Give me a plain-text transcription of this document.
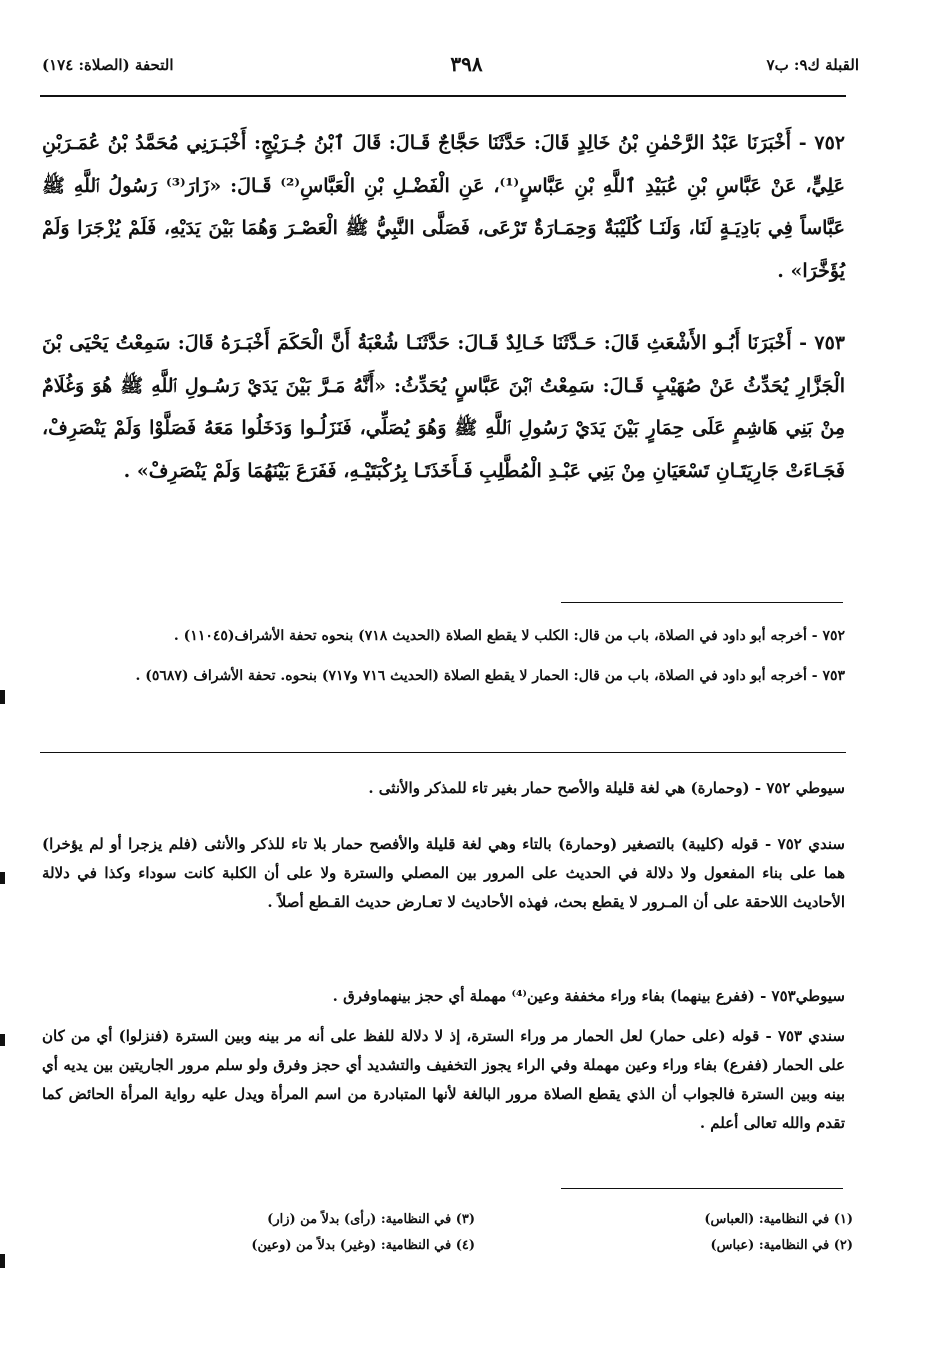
القبلة ك٩: ب٧
٣٩٨
التحفة (الصلاة: ١٧٤)
٧٥٢ - أَخْبَرَنَا عَبْدُ الرَّحْمٰنِ بْنُ خَالِدٍ قَالَ: حَدَّثَنَا حَجَّاجٌ قَـالَ: قَالَ ٱبْنُ جُـرَيْجٍ: أَخْبَـرَنِي مُحَمَّدُ بْنُ عُمَـرَبْنِ عَلِيٍّ، عَنْ عَبَّاسِ بْنِ عُبَيْدِ ٱللَّهِ بْنِ عَبَّاسٍ⁽¹⁾، عَنِ الْفَضْـلِ بْنِ الْعَبَّاسِ⁽²⁾ قَـالَ: «زَارَ⁽³⁾ رَسُولُ ٱللَّهِ ﷺ عَبَّاساً فِي بَادِيَـةٍ لَنَا، وَلَنَـا كُلَيْبَةٌ وَحِمَـارَةٌ تَرْعَى، فَصَلَّى النَّبِيُّ ﷺ الْعَصْـرَ وَهُمَا بَيْنَ يَدَيْهِ، فَلَمْ يُزْجَرَا وَلَمْ يُؤَخَّرَا» .
٧٥٣ - أَخْبَرَنَا أَبُـو الأَشْعَثِ قَالَ: حَـدَّثَنَا خَـالِدٌ قَـالَ: حَدَّثَنَـا شُعْبَةُ أَنَّ الْحَكَمَ أَخْبَـرَهُ قَالَ: سَمِعْتُ يَحْيَى بْنَ الْجَزَّارِ يُحَدِّثُ عَنْ صُهَيْبٍ قَـالَ: سَمِعْتُ ٱبْنَ عَبَّاسٍ يُحَدِّثُ: «أَنَّهُ مَـرَّ بَيْنَ يَدَيْ رَسُـولِ ٱللَّهِ ﷺ هُوَ وَغُلَامٌ مِنْ بَنِي هَاشِمٍ عَلَى حِمَارٍ بَيْنَ يَدَيْ رَسُولِ ٱللَّهِ ﷺ وَهُوَ يُصَلِّي، فَنَزَلُـوا وَدَخَلُوا مَعَهُ فَصَلَّوْا وَلَمْ يَنْصَرِفْ، فَجَـاءَتْ جَارِيَتَـانِ تَسْعَيَانِ مِنْ بَنِي عَبْـدِ الْمُطَّلِبِ فَـأَخَذَتَـا بِرُكْبَتَيْـهِ، فَفَرَعَ بَيْنَهُمَا وَلَمْ يَنْصَرِفْ» .
٧٥٢ - أخرجه أبو داود في الصلاة، باب من قال: الكلب لا يقطع الصلاة (الحديث ٧١٨) بنحوه تحفة الأشراف(١١٠٤٥) .
٧٥٣ - أخرجه أبو داود في الصلاة، باب من قال: الحمار لا يقطع الصلاة (الحديث ٧١٦ و٧١٧) بنحوه. تحفة الأشراف (٥٦٨٧) .
سيوطي ٧٥٢ - (وحمارة) هي لغة قليلة والأصح حمار بغير تاء للمذكر والأنثى .
سندي ٧٥٢ - قوله (كليبة) بالتصغير (وحمارة) بالتاء وهي لغة قليلة والأفصح حمار بلا تاء للذكر والأنثى (فلم يزجرا أو لم يؤخرا) هما على بناء المفعول ولا دلالة في الحديث على المرور بين المصلي والسترة ولا على أن الكلبة كانت سوداء وكذا في دلالة الأحاديث اللاحقة على أن المـرور لا يقطع بحث، فهذه الأحاديث لا تعـارض حديث القـطع أصلاً .
سيوطي٧٥٣ - (ففرع بينهما) بفاء وراء مخففة وعين⁽⁴⁾ مهملة أي حجز بينهماوفرق .
سندي ٧٥٣ - قوله (على حمار) لعل الحمار مر وراء السترة، إذ لا دلالة للفظ على أنه مر بينه وبين السترة (فنزلوا) أي من كان على الحمار (ففرع) بفاء وراء وعين مهملة وفي الراء يجوز التخفيف والتشديد أي حجز وفرق ولو سلم مرور الجاريتين بين يديه أي بينه وبين السترة فالجواب أن الذي يقطع الصلاة مرور البالغة لأنها المتبادرة من اسم المرأة ويدل عليه رواية المرأة الحائض كما تقدم والله تعالى أعلم .
(١) في النظامية: (العباس)
(٢) في النظامية: (عباس)
(٣) في النظامية: (رأى) بدلاً من (زار)
(٤) في النظامية: (وغير) بدلاً من (وعين)
